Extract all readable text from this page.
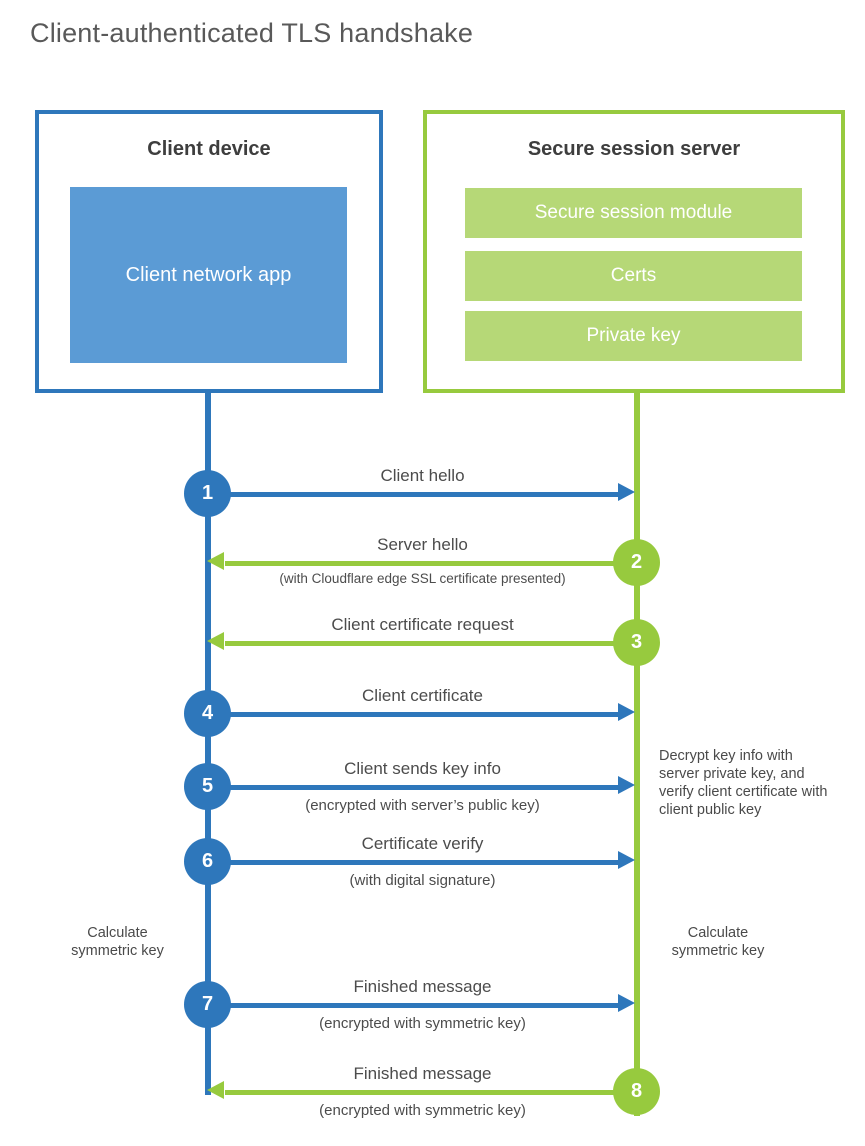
Client-authenticated TLS handshake
Client device
Client network app
Secure session server
Secure session module
Certs
Private key
Client hello
1
Server hello
(with Cloudflare edge SSL certificate presented)
2
Client certificate request
3
Client certificate
4
Client sends key info
(encrypted with server’s public key)
5
Certificate verify
(with digital signature)
6
Finished message
(encrypted with symmetric key)
7
Finished message
(encrypted with symmetric key)
8
Decrypt key info with server private key, and verify client certificate with client public key
Calculate symmetric key
Calculate symmetric key
